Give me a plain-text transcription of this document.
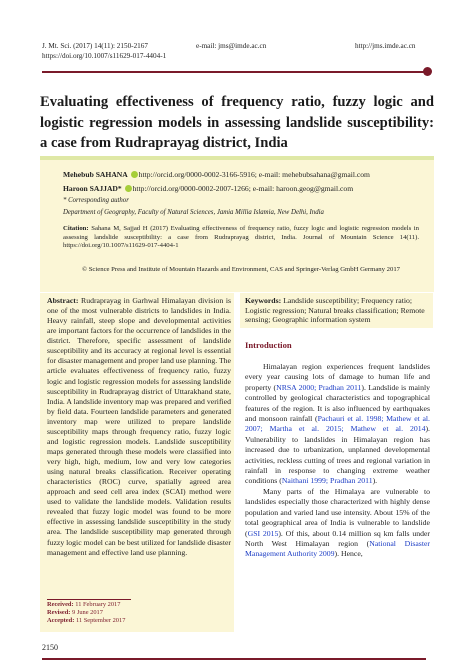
J. Mt. Sci. (2017) 14(11): 2150-2167
https://doi.org/10.1007/s11629-017-4404-1
e-mail: jms@imde.ac.cn	http://jms.imde.ac.cn
Evaluating effectiveness of frequency ratio, fuzzy logic and logistic regression models in assessing landslide susceptibility: a case from Rudraprayag district, India
Mehebub SAHANA http://orcid.org/0000-0002-3166-5916; e-mail: mehebubsahana@gmail.com
Haroon SAJJAD* http://orcid.org/0000-0002-2007-1266; e-mail: haroon.geog@gmail.com
* Corresponding author
Department of Geography, Faculty of Natural Sciences, Jamia Millia Islamia, New Delhi, India
Citation: Sahana M, Sajjad H (2017) Evaluating effectiveness of frequency ratio, fuzzy logic and logistic regression models in assessing landslide susceptibility: a case from Rudraprayag district, India. Journal of Mountain Science 14(11). https://doi.org/10.1007/s11629-017-4404-1
© Science Press and Institute of Mountain Hazards and Environment, CAS and Springer-Verlag GmbH Germany 2017
Abstract: Rudraprayag in Garhwal Himalayan division is one of the most vulnerable districts to landslides in India. Heavy rainfall, steep slope and developmental activities are important factors for the occurrence of landslides in the district. Therefore, specific assessment of landslide susceptibility and its accuracy at regional level is essential for disaster management and proper land use planning. The article evaluates effectiveness of frequency ratio, fuzzy logic and logistic regression models for assessing landslide susceptibility in Rudraprayag district of Uttarakhand state, India. A landslide inventory map was prepared and verified by field data. Fourteen landslide parameters and generated inventory map were utilized to prepare landslide susceptibility maps through frequency ratio, fuzzy logic and logistic regression models. Landslide susceptibility maps generated through these models were classified into very high, high, medium, low and very low categories using natural breaks classification. Receiver operating characteristics (ROC) curve, spatially agreed area approach and seed cell area index (SCAI) method were used to validate the landslide models. Validation results revealed that fuzzy logic model was found to be more effective in assessing landslide susceptibility in the study area. The landslide susceptibility map generated through fuzzy logic model can be best utilized for landslide disaster management and effective land use planning.
Received: 11 February 2017
Revised: 9 June 2017
Accepted: 11 September 2017
Keywords: Landslide susceptibility; Frequency ratio; Logistic regression; Natural breaks classification; Remote sensing; Geographic information system
Introduction

Himalayan region experiences frequent landslides every year causing lots of damage to human life and property (NRSA 2000; Pradhan 2011). Landslide is mainly controlled by geological characteristics and topographical features of the region. It is also influenced by earthquakes and monsoon rainfall (Pachauri et al. 1998; Mathew et al. 2007; Martha et al. 2015; Mathew et al. 2014). Vulnerability to landslides in Himalayan region has increased due to urbanization, unplanned developmental activities, reckless cutting of trees and regional variation in rainfall in response to changing extreme weather conditions (Naithani 1999; Pradhan 2011).

Many parts of the Himalaya are vulnerable to landslides especially those characterized with highly dense population and varied land use intensity. About 15% of the total geographical area of India is vulnerable to landslide (GSI 2015). Of this, about 0.14 million sq km falls under North West Himalayan region (National Disaster Management Authority 2009). Hence,

2150
